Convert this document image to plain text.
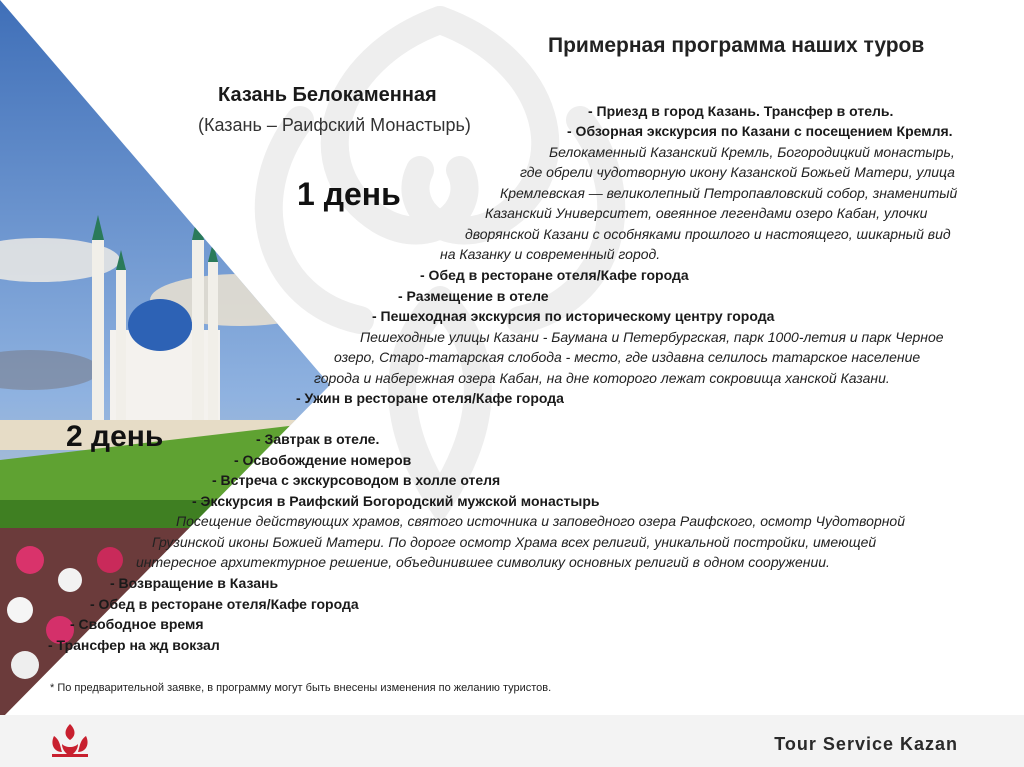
Примерная программа наших туров
Казань Белокаменная
(Казань – Раифский Монастырь)
1 день
- Приезд в город Казань. Трансфер в отель.
- Обзорная экскурсия по Казани с посещением Кремля.
Белокаменный Казанский Кремль, Богородицкий монастырь,
где обрели чудотворную икону Казанской Божьей Матери, улица
Кремлевская — великолепный Петропавловский собор, знаменитый
Казанский Университет, овеянное легендами озеро Кабан, улочки
дворянской Казани с особняками прошлого и настоящего, шикарный вид
на Казанку и современный город.
- Обед в ресторане отеля/Кафе города
- Размещение в отеле
- Пешеходная экскурсия по историческому центру города
Пешеходные улицы Казани - Баумана и Петербургская, парк 1000-летия и парк Черное
озеро, Старо-татарская слобода - место, где издавна селилось татарское население
города и набережная озера Кабан, на дне которого лежат сокровища ханской Казани.
- Ужин в ресторане отеля/Кафе города
2 день	- Завтрак в отеле.
- Освобождение номеров
- Встреча с экскурсоводом в холле отеля
- Экскурсия в Раифский Богородский мужской монастырь
Посещение действующих храмов, святого источника и заповедного озера Раифского, осмотр Чудотворной
Грузинской иконы Божией Матери. По дороге осмотр Храма всех религий, уникальной постройки, имеющей
интересное архитектурное решение, объединившее символику основных религий в одном сооружении.
- Возвращение в Казань
- Обед в ресторане отеля/Кафе города
- Свободное время
- Трансфер на жд вокзал
* По предварительной заявке, в программу могут быть внесены изменения по желанию туристов.
Tour Service Kazan
